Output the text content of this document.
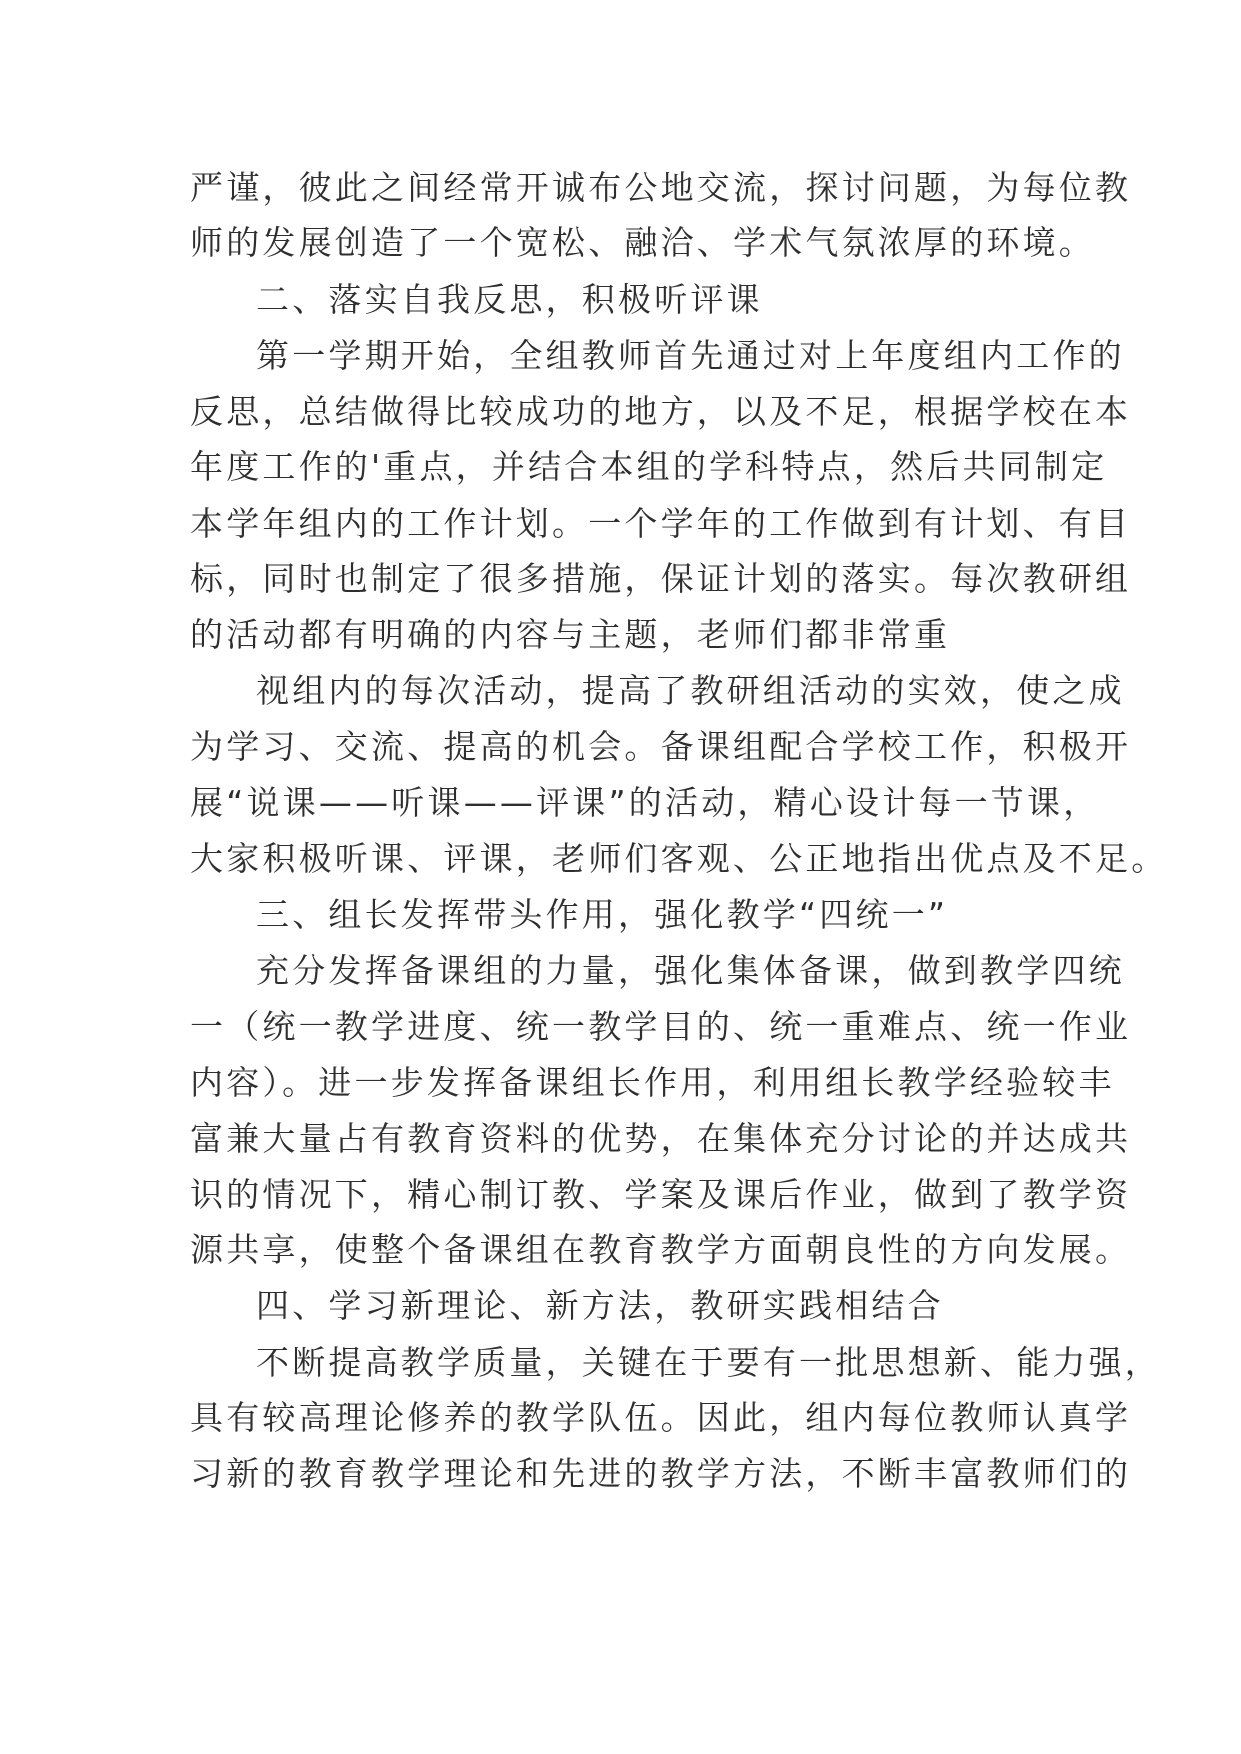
严谨，彼此之间经常开诚布公地交流，探讨问题，为每位教
师的发展创造了一个宽松、融洽、学术气氛浓厚的环境。
二、落实自我反思，积极听评课
第一学期开始，全组教师首先通过对上年度组内工作的
反思，总结做得比较成功的地方，以及不足，根据学校在本
年度工作的'重点，并结合本组的学科特点，然后共同制定
本学年组内的工作计划。一个学年的工作做到有计划、有目
标，同时也制定了很多措施，保证计划的落实。每次教研组
的活动都有明确的内容与主题，老师们都非常重
视组内的每次活动，提高了教研组活动的实效，使之成
为学习、交流、提高的机会。备课组配合学校工作，积极开
展“说课——听课——评课”的活动，精心设计每一节课，
大家积极听课、评课，老师们客观、公正地指出优点及不足。
三、组长发挥带头作用，强化教学“四统一”
充分发挥备课组的力量，强化集体备课，做到教学四统
一（统一教学进度、统一教学目的、统一重难点、统一作业
内容）。进一步发挥备课组长作用，利用组长教学经验较丰
富兼大量占有教育资料的优势，在集体充分讨论的并达成共
识的情况下，精心制订教、学案及课后作业，做到了教学资
源共享，使整个备课组在教育教学方面朝良性的方向发展。
四、学习新理论、新方法，教研实践相结合
不断提高教学质量，关键在于要有一批思想新、能力强，
具有较高理论修养的教学队伍。因此，组内每位教师认真学
习新的教育教学理论和先进的教学方法，不断丰富教师们的
